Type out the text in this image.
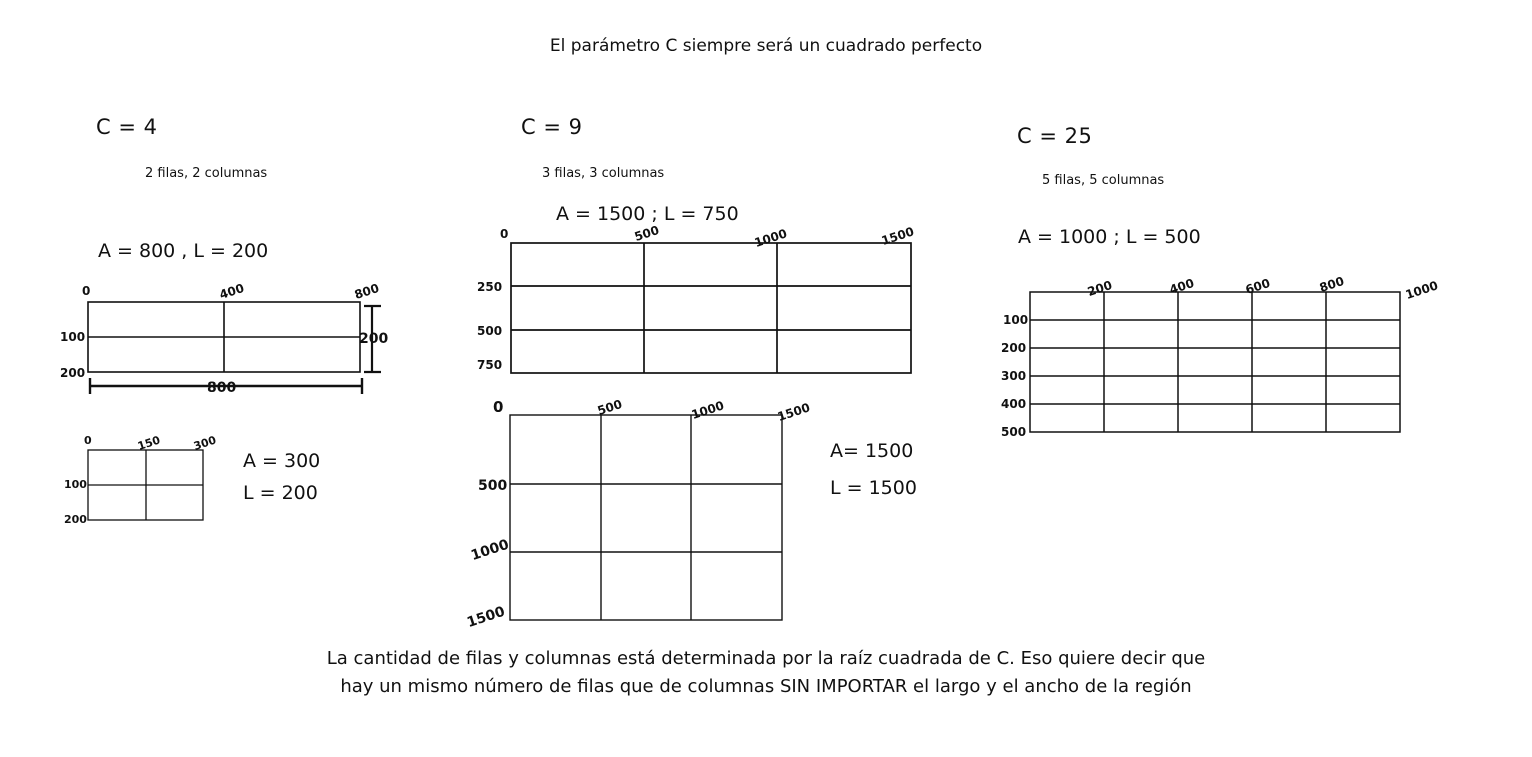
El parámetro C siempre será un cuadrado perfecto
C = 4
2 filas, 2 columnas
A = 800 , L = 200
0	400	800
100
200
800
200
0	150	300
100
200
A = 300
L = 200
C = 9
3 filas, 3 columnas
A = 1500 ; L = 750
0	500	1000	1500
250
500
750
0	500	1000	1500
500
1000
1500
A= 1500
L = 1500
C = 25
5 filas, 5 columnas
A = 1000 ; L = 500
200	400	600	800	1000
100
200
300
400
500
La cantidad de filas y columnas está determinada por la raíz cuadrada de C. Eso quiere decir que
hay un mismo número de filas que de columnas SIN IMPORTAR el largo y el ancho de la región
